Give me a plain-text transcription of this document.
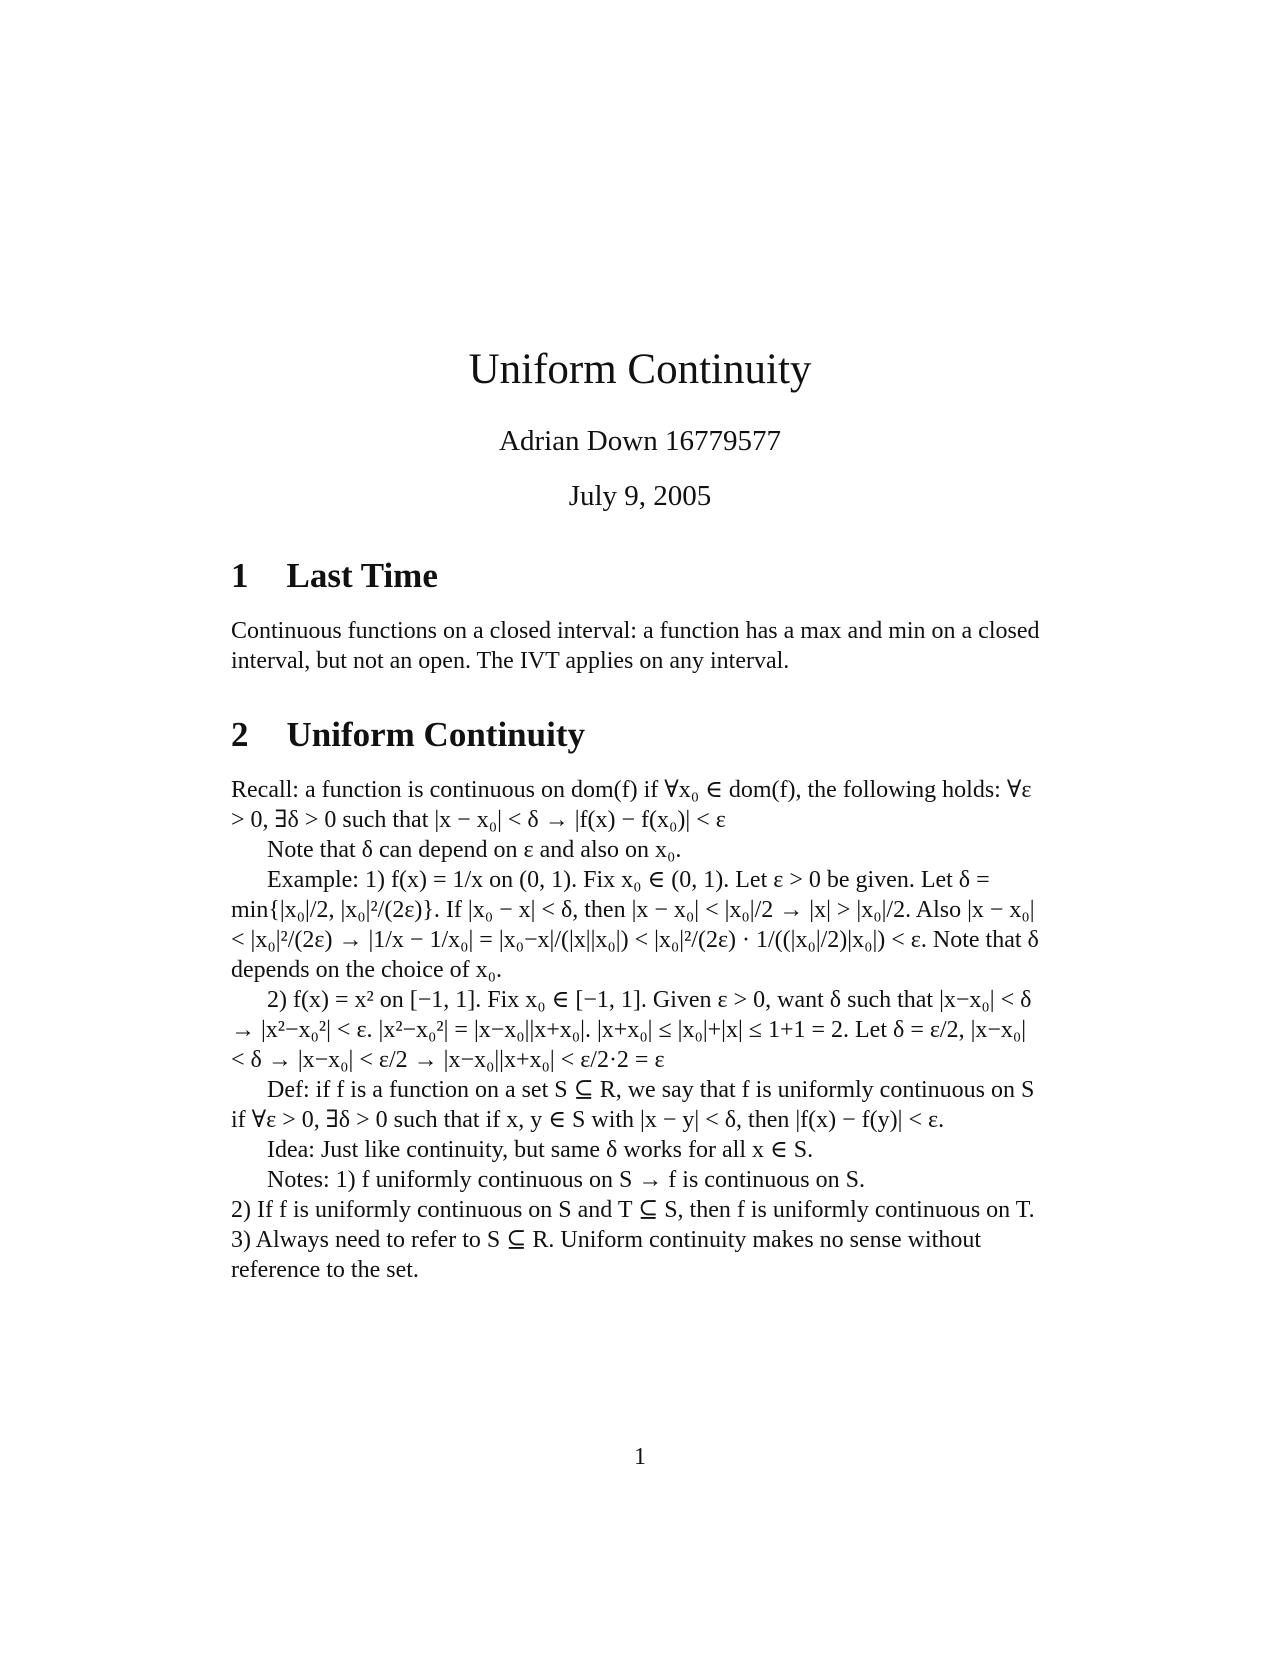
Uniform Continuity
Adrian Down 16779577
July 9, 2005
1 Last Time

Continuous functions on a closed interval: a function has a max and min on a closed interval, but not an open. The IVT applies on any interval.

2 Uniform Continuity

Recall: a function is continuous on dom(f) if ∀x₀ ∈ dom(f), the following holds: ∀ε > 0, ∃δ > 0 such that |x − x₀| < δ → |f(x) − f(x₀)| < ε

Note that δ can depend on ε and also on x₀.

Example: 1) f(x) = 1/x on (0, 1). Fix x₀ ∈ (0, 1). Let ε > 0 be given. Let δ = min{|x₀|/2, |x₀|²/(2ε)}. If |x₀ − x| < δ, then |x − x₀| < |x₀|/2 → |x| > |x₀|/2. Also |x − x₀| < |x₀|²/(2ε) → |1/x − 1/x₀| = |x₀−x|/(|x||x₀|) < |x₀|²/(2ε) · 1/((|x₀|/2)|x₀|) < ε. Note that δ depends on the choice of x₀.

2) f(x) = x² on [−1, 1]. Fix x₀ ∈ [−1, 1]. Given ε > 0, want δ such that |x−x₀| < δ → |x²−x₀²| < ε. |x²−x₀²| = |x−x₀||x+x₀|. |x+x₀| ≤ |x₀|+|x| ≤ 1+1 = 2. Let δ = ε/2, |x−x₀| < δ → |x−x₀| < ε/2 → |x−x₀||x+x₀| < ε/2·2 = ε

Def: if f is a function on a set S ⊆ R, we say that f is uniformly continuous on S if ∀ε > 0, ∃δ > 0 such that if x, y ∈ S with |x − y| < δ, then |f(x) − f(y)| < ε.

Idea: Just like continuity, but same δ works for all x ∈ S.

Notes: 1) f uniformly continuous on S → f is continuous on S.

2) If f is uniformly continuous on S and T ⊆ S, then f is uniformly continuous on T.

3) Always need to refer to S ⊆ R. Uniform continuity makes no sense without reference to the set.

1
